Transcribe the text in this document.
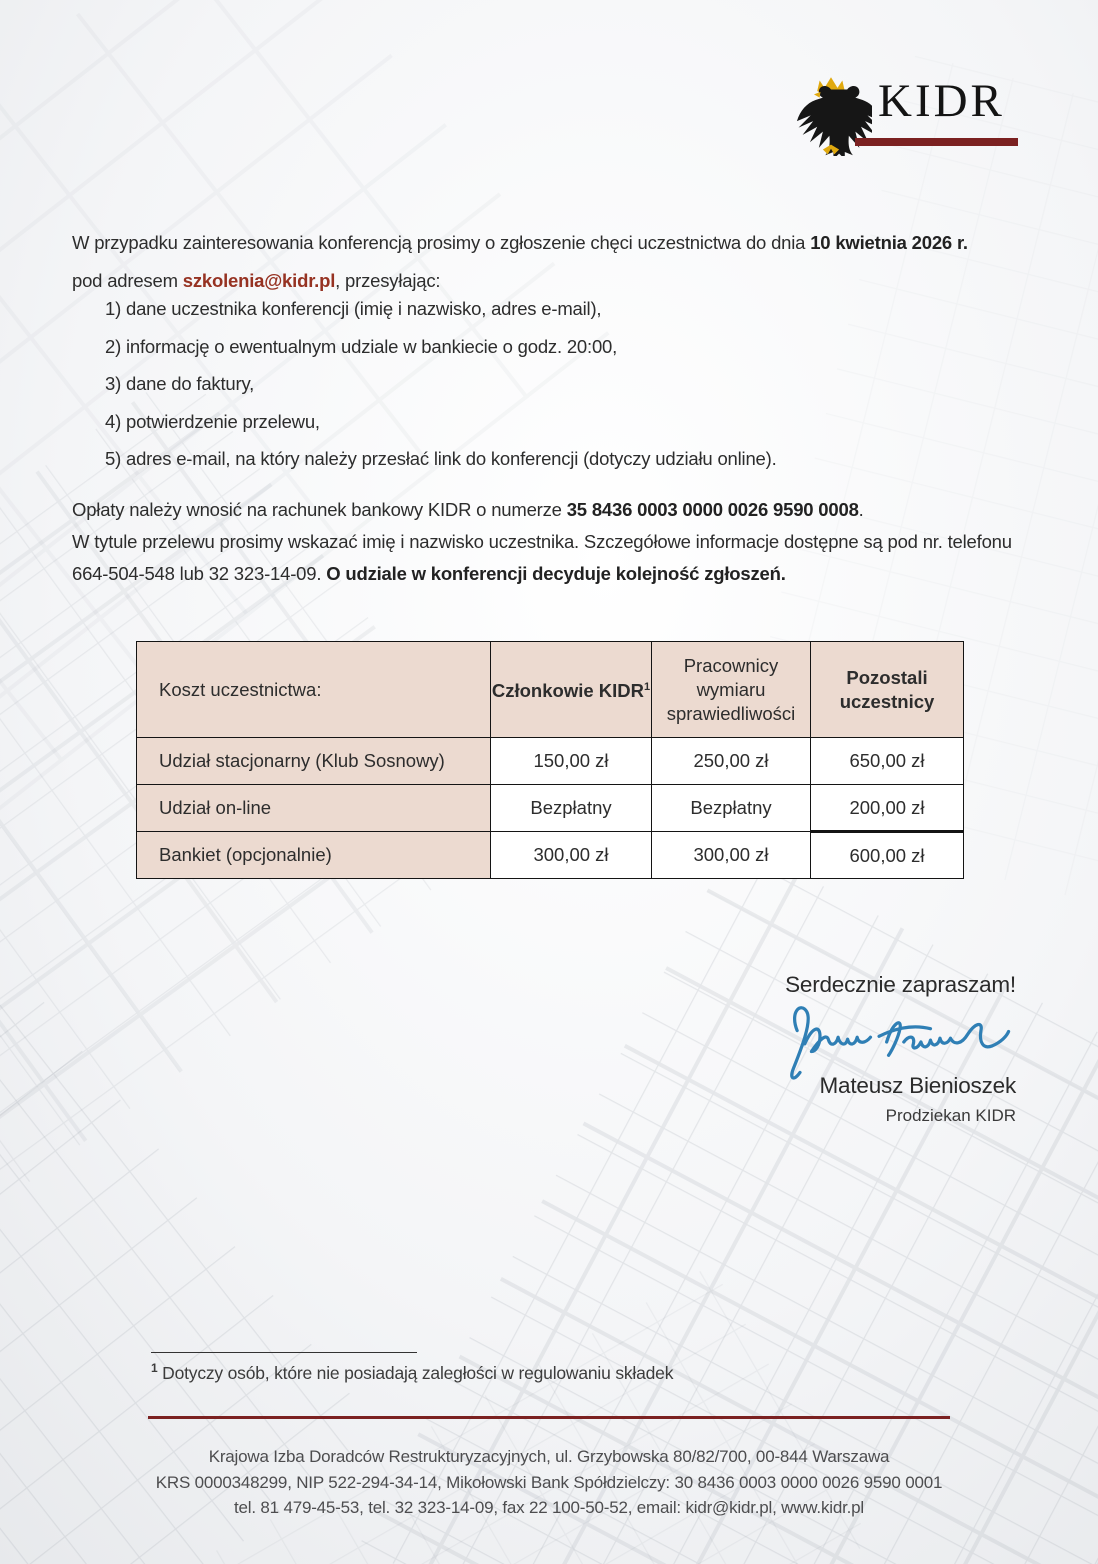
KIDR

W przypadku zainteresowania konferencją prosimy o zgłoszenie chęci uczestnictwa do dnia 10 kwietnia 2026 r.
pod adresem szkolenia@kidr.pl, przesyłając:

1) dane uczestnika konferencji (imię i nazwisko, adres e-mail),
2) informację o ewentualnym udziale w bankiecie o godz. 20:00,
3) dane do faktury,
4) potwierdzenie przelewu,
5) adres e-mail, na który należy przesłać link do konferencji (dotyczy udziału online).

Opłaty należy wnosić na rachunek bankowy KIDR o numerze 35 8436 0003 0000 0026 9590 0008.
W tytule przelewu prosimy wskazać imię i nazwisko uczestnika. Szczegółowe informacje dostępne są pod nr. telefonu
664-504-548 lub 32 323-14-09. O udziale w konferencji decyduje kolejność zgłoszeń.

Koszt uczestnictwa:	Członkowie KIDR$^1$	Pracownicy wymiaru sprawiedliwości	Pozostali uczestnicy
Udział stacjonarny (Klub Sosnowy)	150,00 zł	250,00 zł	650,00 zł
Udział on-line	Bezpłatny	Bezpłatny	200,00 zł
Bankiet (opcjonalnie)	300,00 zł	300,00 zł	600,00 zł
Serdecznie zapraszam!
Mateusz Bienioszek
Prodziekan KIDR
$^1$ Dotyczy osób, które nie posiadają zaległości w regulowaniu składek
Krajowa Izba Doradców Restrukturyzacyjnych, ul. Grzybowska 80/82/700, 00-844 Warszawa
KRS 0000348299, NIP 522-294-34-14, Mikołowski Bank Spółdzielczy: 30 8436 0003 0000 0026 9590 0001
tel. 81 479-45-53, tel. 32 323-14-09, fax 22 100-50-52, email: kidr@kidr.pl, www.kidr.pl
